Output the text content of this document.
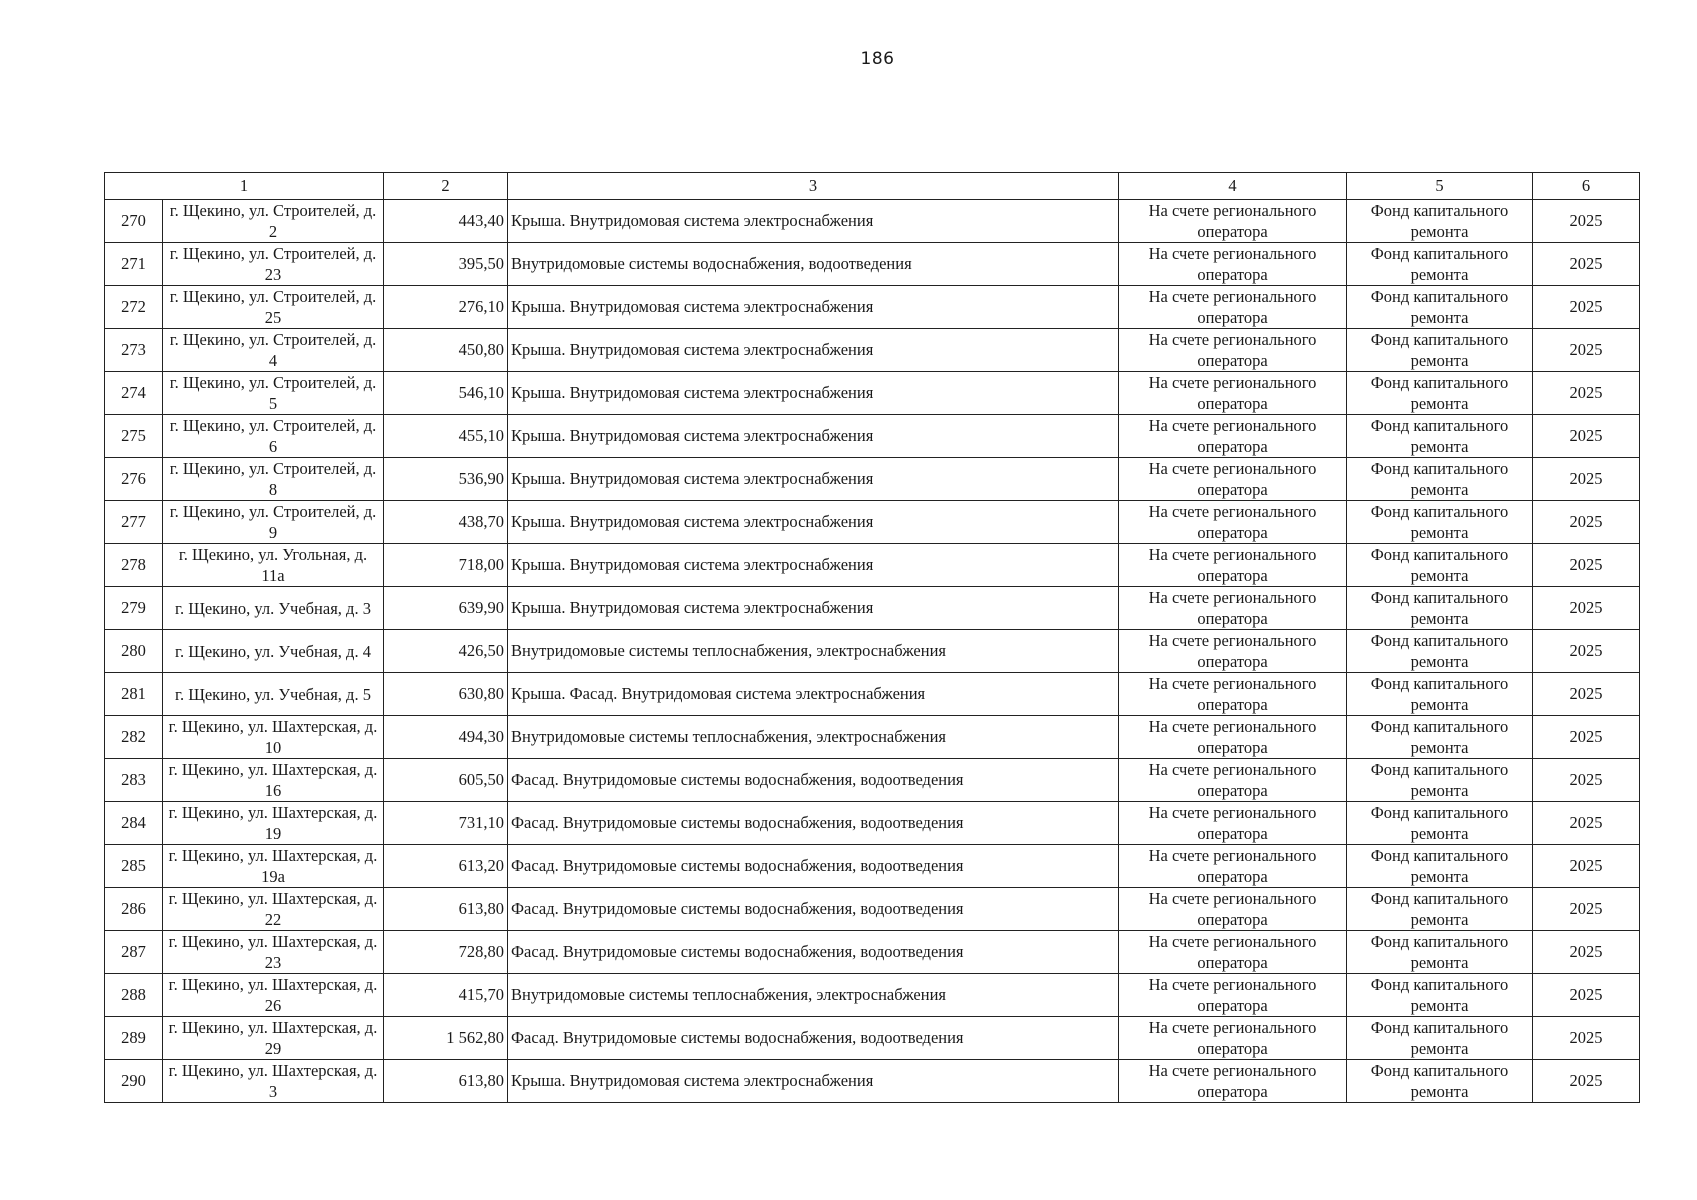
186
1		2	3	4	5	6
270	г. Щекино, ул. Строителей, д. 2	443,40	Крыша. Внутридомовая система электроснабжения	На счете регионального оператора	Фонд капитального ремонта	2025
271	г. Щекино, ул. Строителей, д. 23	395,50	Внутридомовые системы водоснабжения, водоотведения	На счете регионального оператора	Фонд капитального ремонта	2025
272	г. Щекино, ул. Строителей, д. 25	276,10	Крыша. Внутридомовая система электроснабжения	На счете регионального оператора	Фонд капитального ремонта	2025
273	г. Щекино, ул. Строителей, д. 4	450,80	Крыша. Внутридомовая система электроснабжения	На счете регионального оператора	Фонд капитального ремонта	2025
274	г. Щекино, ул. Строителей, д. 5	546,10	Крыша. Внутридомовая система электроснабжения	На счете регионального оператора	Фонд капитального ремонта	2025
275	г. Щекино, ул. Строителей, д. 6	455,10	Крыша. Внутридомовая система электроснабжения	На счете регионального оператора	Фонд капитального ремонта	2025
276	г. Щекино, ул. Строителей, д. 8	536,90	Крыша. Внутридомовая система электроснабжения	На счете регионального оператора	Фонд капитального ремонта	2025
277	г. Щекино, ул. Строителей, д. 9	438,70	Крыша. Внутридомовая система электроснабжения	На счете регионального оператора	Фонд капитального ремонта	2025
278	г. Щекино, ул. Угольная, д. 11а	718,00	Крыша. Внутридомовая система электроснабжения	На счете регионального оператора	Фонд капитального ремонта	2025
279	г. Щекино, ул. Учебная, д. 3	639,90	Крыша. Внутридомовая система электроснабжения	На счете регионального оператора	Фонд капитального ремонта	2025
280	г. Щекино, ул. Учебная, д. 4	426,50	Внутридомовые системы теплоснабжения, электроснабжения	На счете регионального оператора	Фонд капитального ремонта	2025
281	г. Щекино, ул. Учебная, д. 5	630,80	Крыша. Фасад. Внутридомовая система электроснабжения	На счете регионального оператора	Фонд капитального ремонта	2025
282	г. Щекино, ул. Шахтерская, д. 10	494,30	Внутридомовые системы теплоснабжения, электроснабжения	На счете регионального оператора	Фонд капитального ремонта	2025
283	г. Щекино, ул. Шахтерская, д. 16	605,50	Фасад. Внутридомовые системы водоснабжения, водоотведения	На счете регионального оператора	Фонд капитального ремонта	2025
284	г. Щекино, ул. Шахтерская, д. 19	731,10	Фасад. Внутридомовые системы водоснабжения, водоотведения	На счете регионального оператора	Фонд капитального ремонта	2025
285	г. Щекино, ул. Шахтерская, д. 19а	613,20	Фасад. Внутридомовые системы водоснабжения, водоотведения	На счете регионального оператора	Фонд капитального ремонта	2025
286	г. Щекино, ул. Шахтерская, д. 22	613,80	Фасад. Внутридомовые системы водоснабжения, водоотведения	На счете регионального оператора	Фонд капитального ремонта	2025
287	г. Щекино, ул. Шахтерская, д. 23	728,80	Фасад. Внутридомовые системы водоснабжения, водоотведения	На счете регионального оператора	Фонд капитального ремонта	2025
288	г. Щекино, ул. Шахтерская, д. 26	415,70	Внутридомовые системы теплоснабжения, электроснабжения	На счете регионального оператора	Фонд капитального ремонта	2025
289	г. Щекино, ул. Шахтерская, д. 29	1 562,80	Фасад. Внутридомовые системы водоснабжения, водоотведения	На счете регионального оператора	Фонд капитального ремонта	2025
290	г. Щекино, ул. Шахтерская, д. 3	613,80	Крыша. Внутридомовая система электроснабжения	На счете регионального оператора	Фонд капитального ремонта	2025
